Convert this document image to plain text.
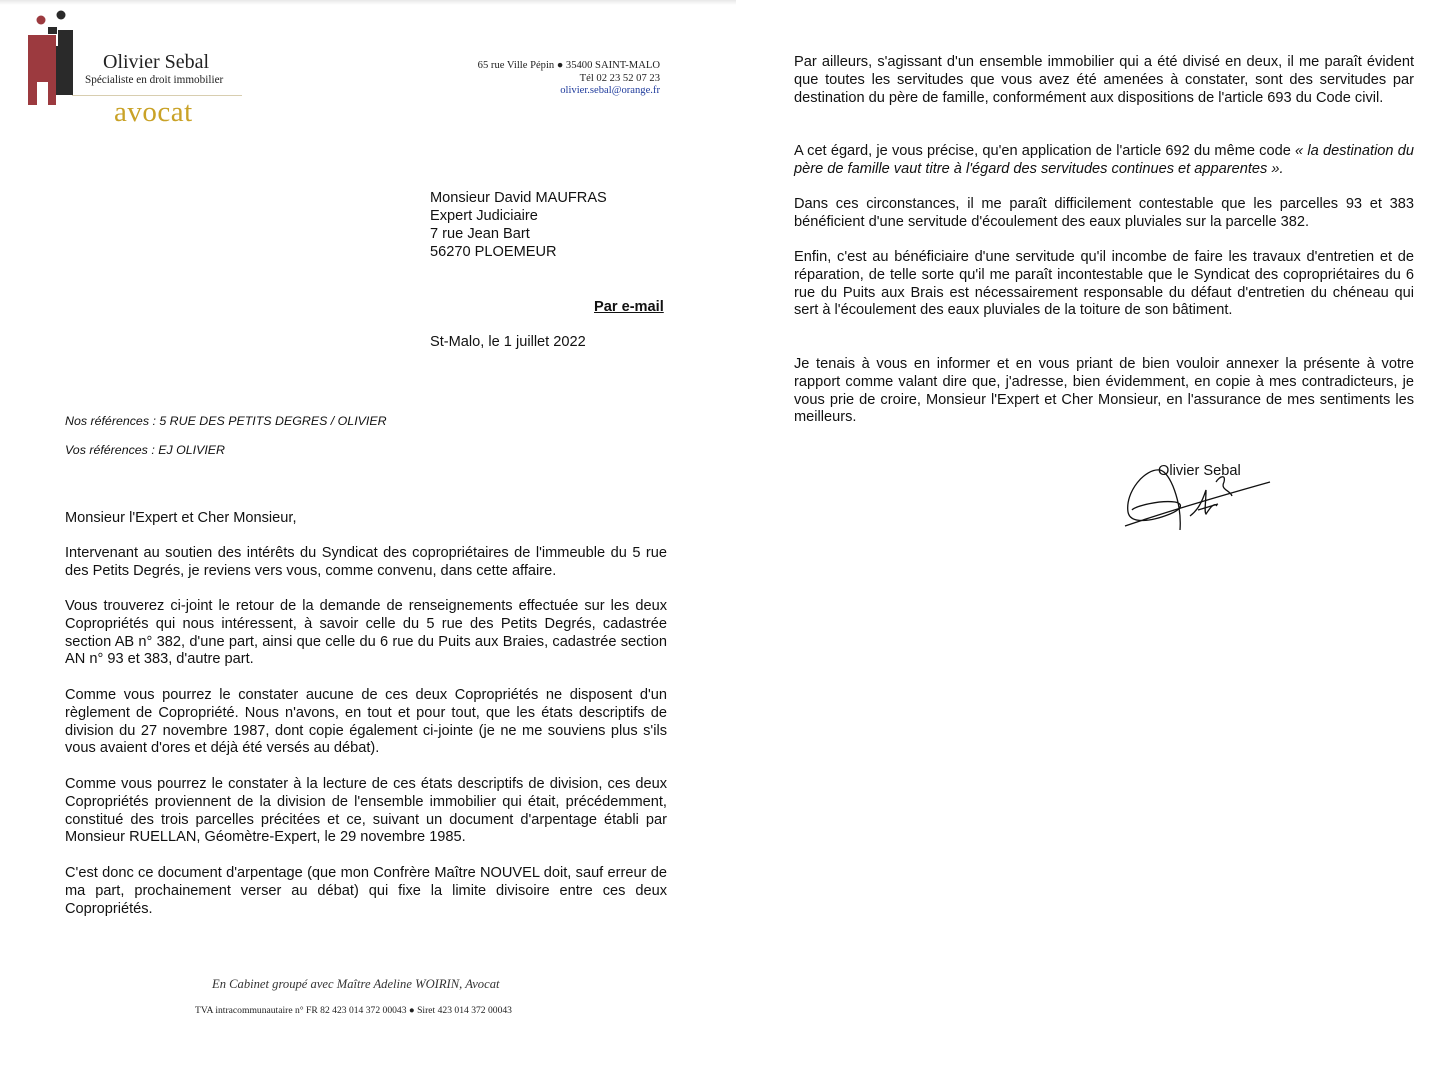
Olivier Sebal
Spécialiste en droit immobilier
avocat
65 rue Ville Pépin ● 35400 SAINT-MALO
Tél 02 23 52 07 23
olivier.sebal@orange.fr
Monsieur David MAUFRAS
Expert Judiciaire
7 rue Jean Bart
56270 PLOEMEUR
Par e-mail
St-Malo, le 1 juillet 2022
Nos références : 5 RUE DES PETITS DEGRES / OLIVIER
Vos références : EJ OLIVIER
Monsieur l'Expert et Cher Monsieur,
Intervenant au soutien des intérêts du Syndicat des copropriétaires de l'immeuble du 5 rue des Petits Degrés, je reviens vers vous, comme convenu, dans cette affaire.
Vous trouverez ci-joint le retour de la demande de renseignements effectuée sur les deux Copropriétés qui nous intéressent, à savoir celle du 5 rue des Petits Degrés, cadastrée section AB n° 382, d'une part, ainsi que celle du 6 rue du Puits aux Braies, cadastrée section AN n° 93 et 383, d'autre part.
Comme vous pourrez le constater aucune de ces deux Copropriétés ne disposent d'un règlement de Copropriété. Nous n'avons, en tout et pour tout, que les états descriptifs de division du 27 novembre 1987, dont copie également ci-jointe (je ne me souviens plus s'ils vous avaient d'ores et déjà été versés au débat).
Comme vous pourrez le constater à la lecture de ces états descriptifs de division, ces deux Copropriétés proviennent de la division de l'ensemble immobilier qui était, précédemment, constitué des trois parcelles précitées et ce, suivant un document d'arpentage établi par Monsieur RUELLAN, Géomètre-Expert, le 29 novembre 1985.
C'est donc ce document d'arpentage (que mon Confrère Maître NOUVEL doit, sauf erreur de ma part, prochainement verser au débat) qui fixe la limite divisoire entre ces deux Copropriétés.
En Cabinet groupé avec Maître Adeline WOIRIN, Avocat
TVA intracommunautaire n° FR 82 423 014 372 00043 ● Siret 423 014 372 00043
Par ailleurs, s'agissant d'un ensemble immobilier qui a été divisé en deux, il me paraît évident que toutes les servitudes que vous avez été amenées à constater, sont des servitudes par destination du père de famille, conformément aux dispositions de l'article 693 du Code civil.
A cet égard, je vous précise, qu'en application de l'article 692 du même code « la destination du père de famille vaut titre à l'égard des servitudes continues et apparentes ».
Dans ces circonstances, il me paraît difficilement contestable que les parcelles 93 et 383 bénéficient d'une servitude d'écoulement des eaux pluviales sur la parcelle 382.
Enfin, c'est au bénéficiaire d'une servitude qu'il incombe de faire les travaux d'entretien et de réparation, de telle sorte qu'il me paraît incontestable que le Syndicat des copropriétaires du 6 rue du Puits aux Brais est nécessairement responsable du défaut d'entretien du chéneau qui sert à l'écoulement des eaux pluviales de la toiture de son bâtiment.
Je tenais à vous en informer et en vous priant de bien vouloir annexer la présente à votre rapport comme valant dire que, j'adresse, bien évidemment, en copie à mes contradicteurs, je vous prie de croire, Monsieur l'Expert et Cher Monsieur, en l'assurance de mes sentiments les meilleurs.
Olivier Sebal
